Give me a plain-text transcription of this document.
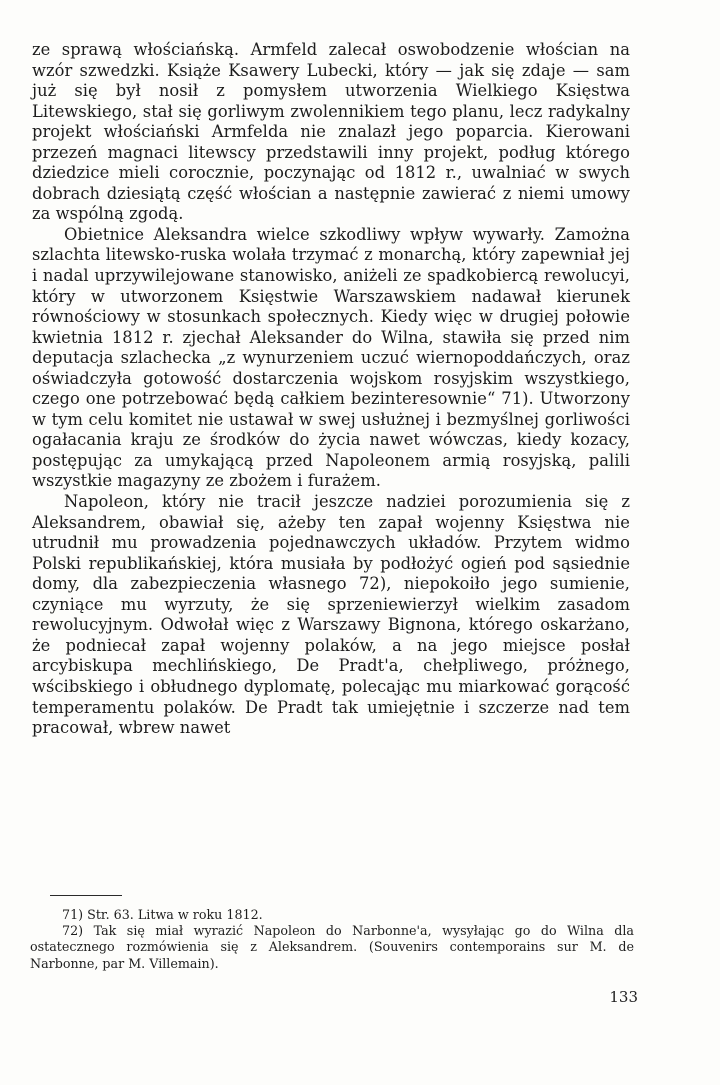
ze sprawą włościańską. Armfeld zalecał oswobodzenie włościan na wzór szwedzki. Książe Ksawery Lubecki, który — jak się zdaje — sam już się był nosił z pomysłem utworzenia Wielkiego Księstwa Litewskiego, stał się gorliwym zwolennikiem tego planu, lecz radykalny projekt włościański Armfelda nie znalazł jego poparcia. Kierowani przezeń magnaci litewscy przedstawili inny projekt, podług którego dziedzice mieli corocznie, poczynając od 1812 r., uwalniać w swych dobrach dziesiątą część włościan a następnie zawierać z niemi umowy za wspólną zgodą.

Obietnice Aleksandra wielce szkodliwy wpływ wywarły. Zamożna szlachta litewsko-ruska wolała trzymać z monarchą, który zapewniał jej i nadal uprzywilejowane stanowisko, aniżeli ze spadkobiercą rewolucyi, który w utworzonem Księstwie Warszawskiem nadawał kierunek równościowy w stosunkach społecznych. Kiedy więc w drugiej połowie kwietnia 1812 r. zjechał Aleksander do Wilna, stawiła się przed nim deputacja szlachecka „z wynurzeniem uczuć wiernopoddańczych, oraz oświadczyła gotowość dostarczenia wojskom rosyjskim wszystkiego, czego one potrzebować będą całkiem bezinteresownie“ 71). Utworzony w tym celu komitet nie ustawał w swej usłużnej i bezmyślnej gorliwości ogałacania kraju ze środków do życia nawet wówczas, kiedy kozacy, postępując za umykającą przed Napoleonem armią rosyjską, palili wszystkie magazyny ze zbożem i furażem.

Napoleon, który nie tracił jeszcze nadziei porozumienia się z Aleksandrem, obawiał się, ażeby ten zapał wojenny Księstwa nie utrudnił mu prowadzenia pojednawczych układów. Przytem widmo Polski republikańskiej, która musiała by podłożyć ogień pod sąsiednie domy, dla zabezpieczenia własnego 72), niepokoiło jego sumienie, czyniące mu wyrzuty, że się sprzeniewierzył wielkim zasadom rewolucyjnym. Odwołał więc z Warszawy Bignona, którego oskarżano, że podniecał zapał wojenny polaków, a na jego miejsce posłał arcybiskupa mechlińskiego, De Pradt'a, chełpliwego, próżnego, wścibskiego i obłudnego dyplomatę, polecając mu miarkować gorącość temperamentu polaków. De Pradt tak umiejętnie i szczerze nad tem pracował, wbrew nawet

71) Str. 63. Litwa w roku 1812.

72) Tak się miał wyrazić Napoleon do Narbonne'a, wysyłając go do Wilna dla ostatecznego rozmówienia się z Aleksandrem. (Souvenirs contemporains sur M. de Narbonne, par M. Villemain).

133
